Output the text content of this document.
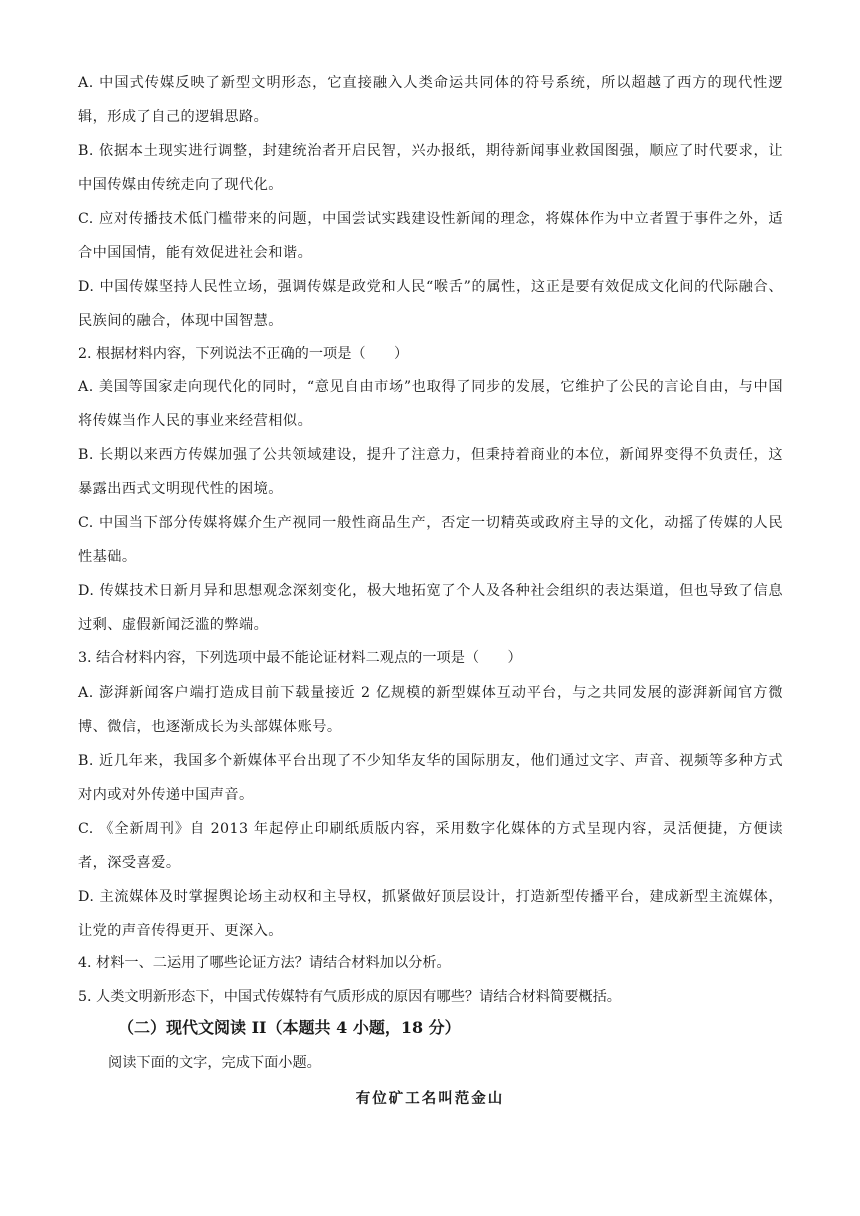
A. 中国式传媒反映了新型文明形态，它直接融入人类命运共同体的符号系统，所以超越了西方的现代性逻辑，形成了自己的逻辑思路。

B. 依据本土现实进行调整，封建统治者开启民智，兴办报纸，期待新闻事业救国图强，顺应了时代要求，让中国传媒由传统走向了现代化。

C. 应对传播技术低门槛带来的问题，中国尝试实践建设性新闻的理念，将媒体作为中立者置于事件之外，适合中国国情，能有效促进社会和谐。

D. 中国传媒坚持人民性立场，强调传媒是政党和人民“喉舌”的属性，这正是要有效促成文化间的代际融合、民族间的融合，体现中国智慧。

2. 根据材料内容，下列说法不正确的一项是（　　）

A. 美国等国家走向现代化的同时，“意见自由市场”也取得了同步的发展，它维护了公民的言论自由，与中国将传媒当作人民的事业来经营相似。

B. 长期以来西方传媒加强了公共领域建设，提升了注意力，但秉持着商业的本位，新闻界变得不负责任，这暴露出西式文明现代性的困境。

C. 中国当下部分传媒将媒介生产视同一般性商品生产，否定一切精英或政府主导的文化，动摇了传媒的人民性基础。

D. 传媒技术日新月异和思想观念深刻变化，极大地拓宽了个人及各种社会组织的表达渠道，但也导致了信息过剩、虚假新闻泛滥的弊端。

3. 结合材料内容，下列选项中最不能论证材料二观点的一项是（　　）

A. 澎湃新闻客户端打造成目前下载量接近 2 亿规模的新型媒体互动平台，与之共同发展的澎湃新闻官方微博、微信，也逐渐成长为头部媒体账号。

B. 近几年来，我国多个新媒体平台出现了不少知华友华的国际朋友，他们通过文字、声音、视频等多种方式对内或对外传递中国声音。

C. 《全新周刊》自 2013 年起停止印刷纸质版内容，采用数字化媒体的方式呈现内容，灵活便捷，方便读者，深受喜爱。

D. 主流媒体及时掌握舆论场主动权和主导权，抓紧做好顶层设计，打造新型传播平台，建成新型主流媒体，让党的声音传得更开、更深入。

4. 材料一、二运用了哪些论证方法？请结合材料加以分析。

5. 人类文明新形态下，中国式传媒特有气质形成的原因有哪些？请结合材料简要概括。

（二）现代文阅读 II（本题共 4 小题，18 分）

阅读下面的文字，完成下面小题。

有位矿工名叫范金山
